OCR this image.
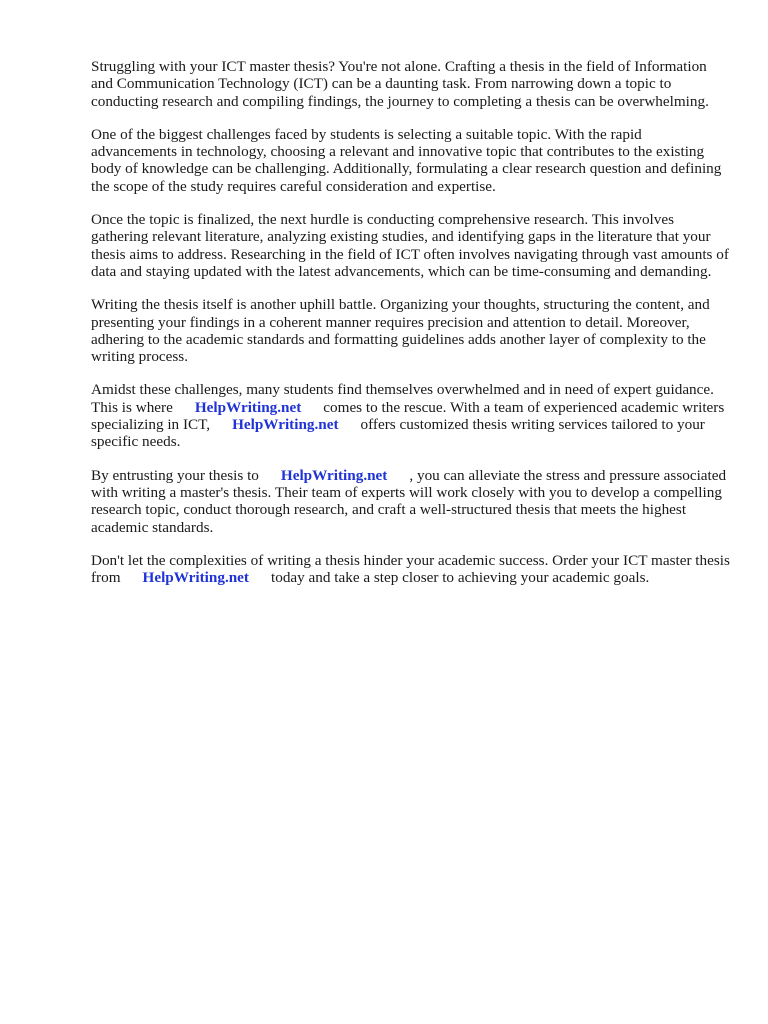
Struggling with your ICT master thesis? You're not alone. Crafting a thesis in the field of Information and Communication Technology (ICT) can be a daunting task. From narrowing down a topic to conducting research and compiling findings, the journey to completing a thesis can be overwhelming.

One of the biggest challenges faced by students is selecting a suitable topic. With the rapid advancements in technology, choosing a relevant and innovative topic that contributes to the existing body of knowledge can be challenging. Additionally, formulating a clear research question and defining the scope of the study requires careful consideration and expertise.

Once the topic is finalized, the next hurdle is conducting comprehensive research. This involves gathering relevant literature, analyzing existing studies, and identifying gaps in the literature that your thesis aims to address. Researching in the field of ICT often involves navigating through vast amounts of data and staying updated with the latest advancements, which can be time-consuming and demanding.

Writing the thesis itself is another uphill battle. Organizing your thoughts, structuring the content, and presenting your findings in a coherent manner requires precision and attention to detail. Moreover, adhering to the academic standards and formatting guidelines adds another layer of complexity to the writing process.

Amidst these challenges, many students find themselves overwhelmed and in need of expert guidance. This is where HelpWriting.net comes to the rescue. With a team of experienced academic writers specializing in ICT, HelpWriting.net offers customized thesis writing services tailored to your specific needs.

By entrusting your thesis to HelpWriting.net , you can alleviate the stress and pressure associated with writing a master's thesis. Their team of experts will work closely with you to develop a compelling research topic, conduct thorough research, and craft a well-structured thesis that meets the highest academic standards.

Don't let the complexities of writing a thesis hinder your academic success. Order your ICT master thesis from HelpWriting.net today and take a step closer to achieving your academic goals.
